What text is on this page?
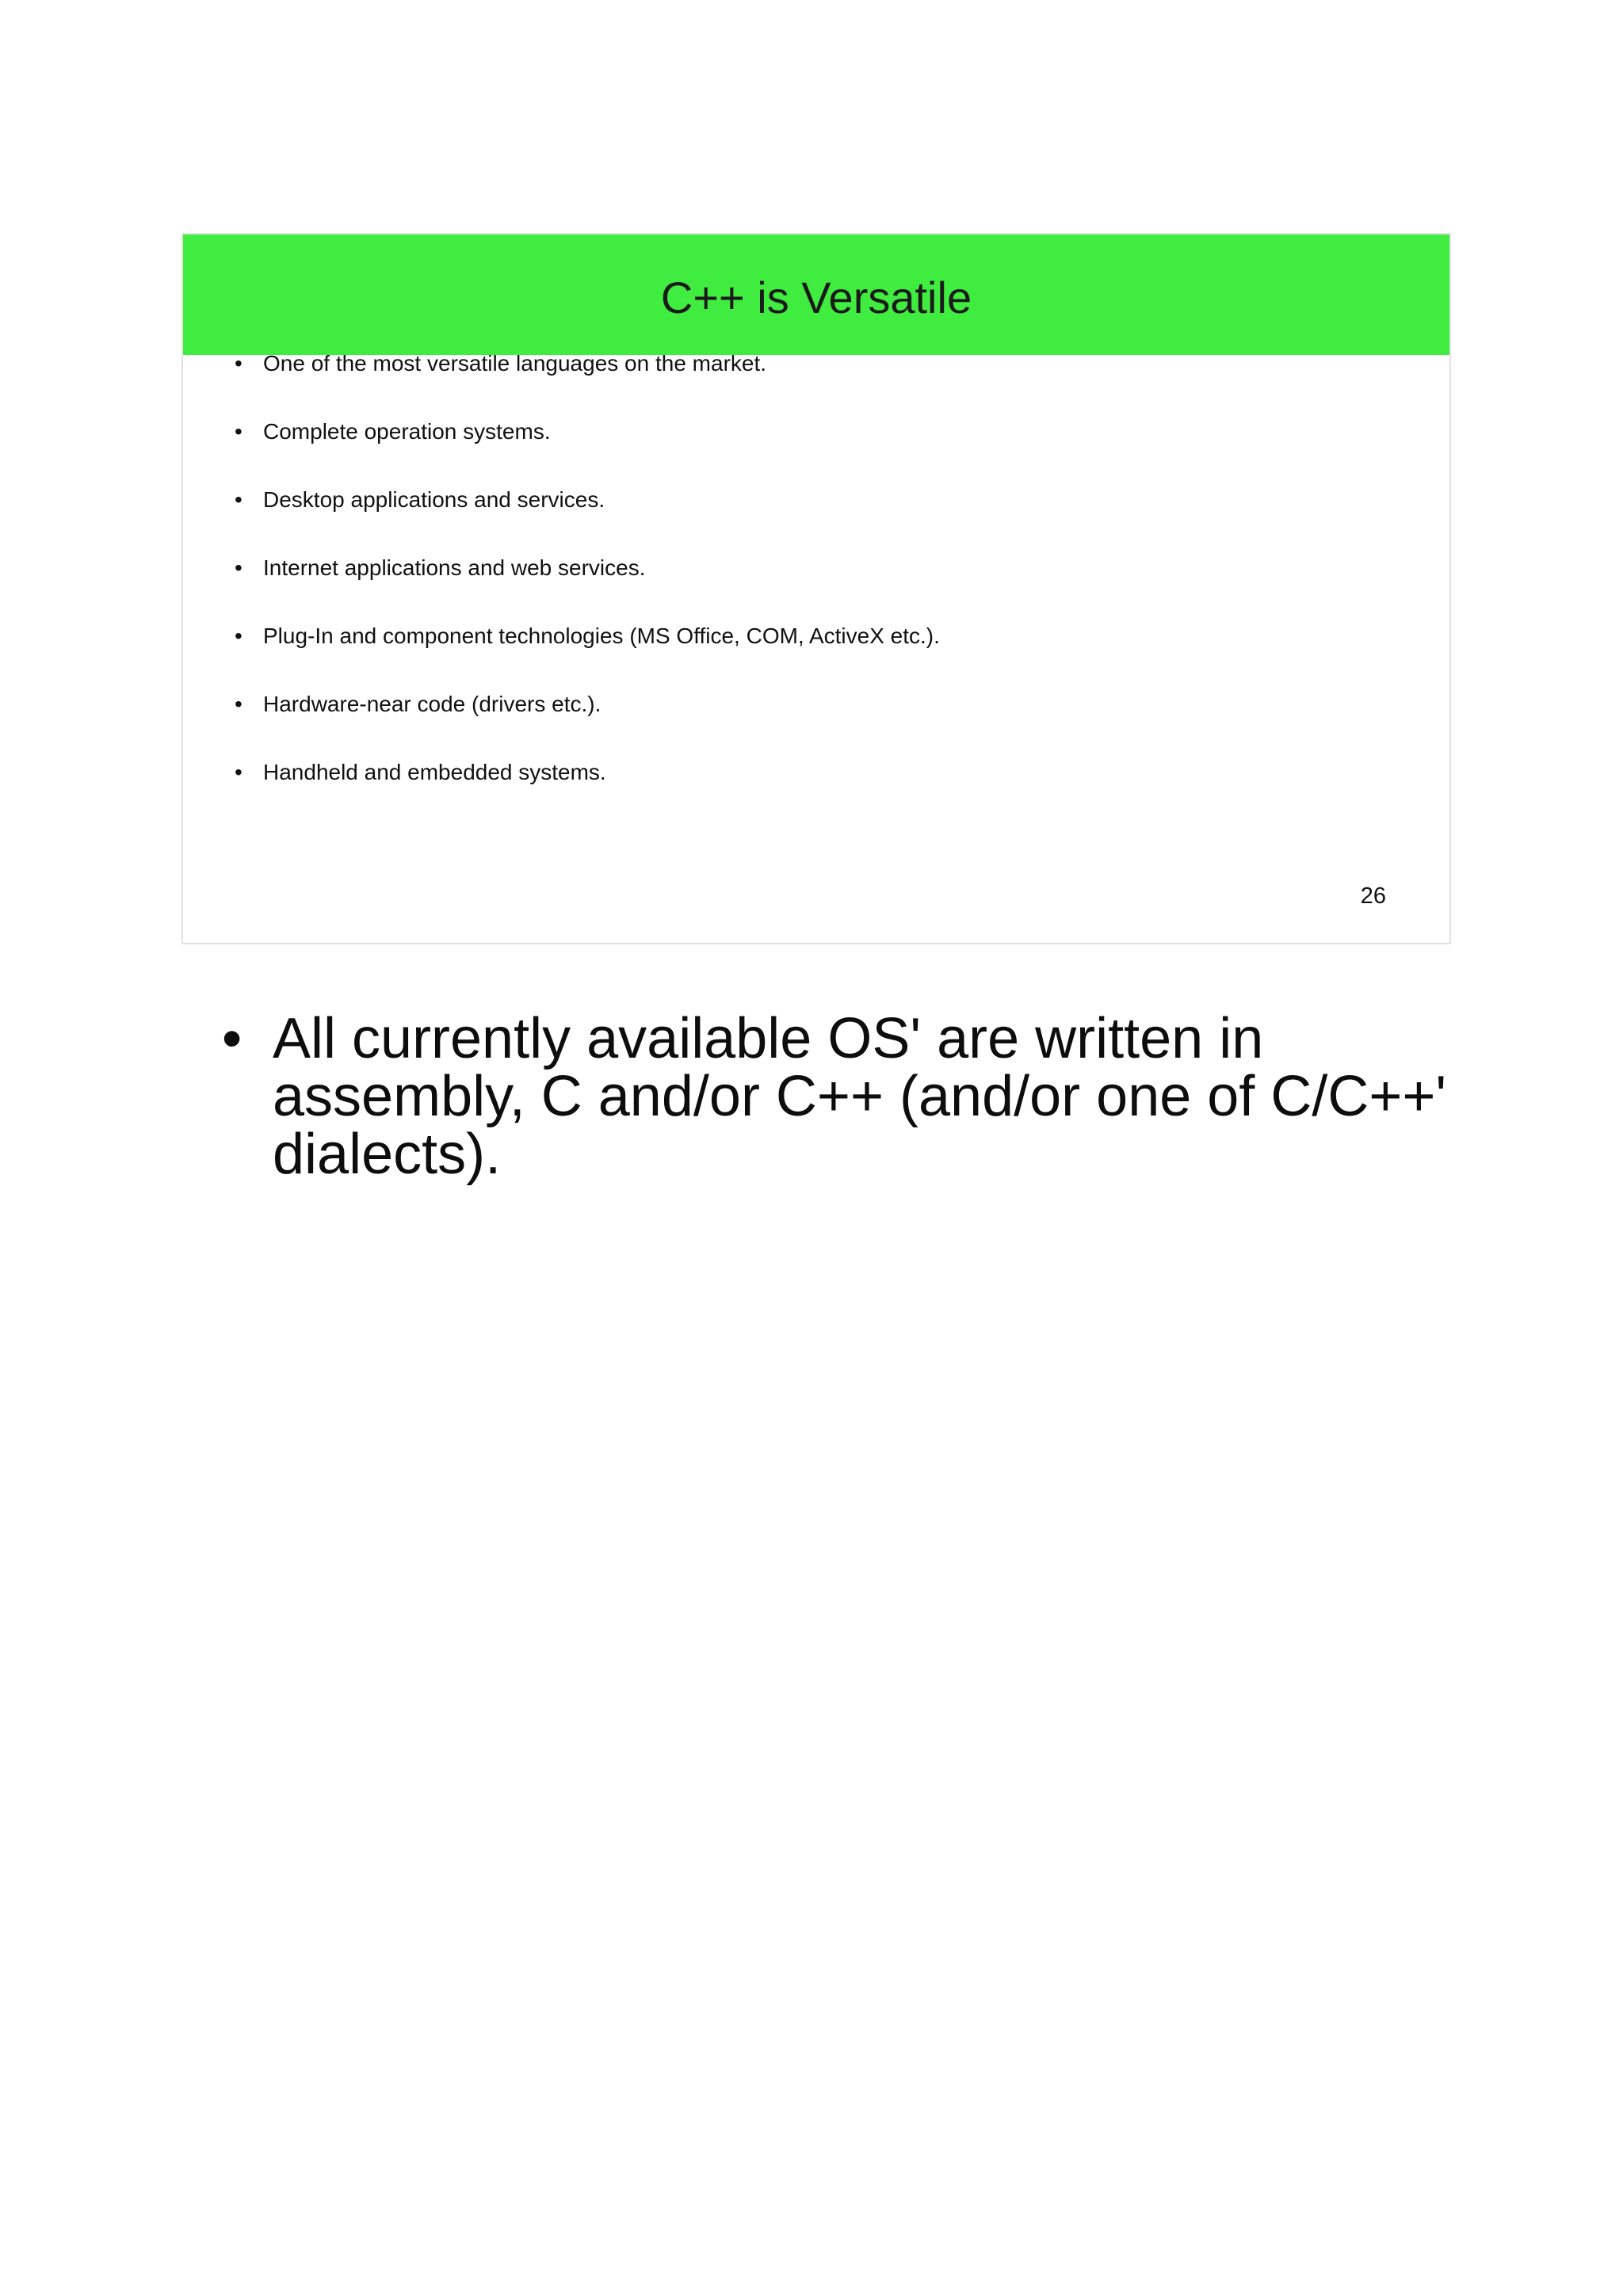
C++ is Versatile
• One of the most versatile languages on the market.
• Complete operation systems.
• Desktop applications and services.
• Internet applications and web services.
• Plug-In and component technologies (MS Office, COM, ActiveX etc.).
• Hardware-near code (drivers etc.).
• Handheld and embedded systems.
26
• All currently available OS' are written in assembly, C and/or C++ (and/or one of C/C++' dialects).
